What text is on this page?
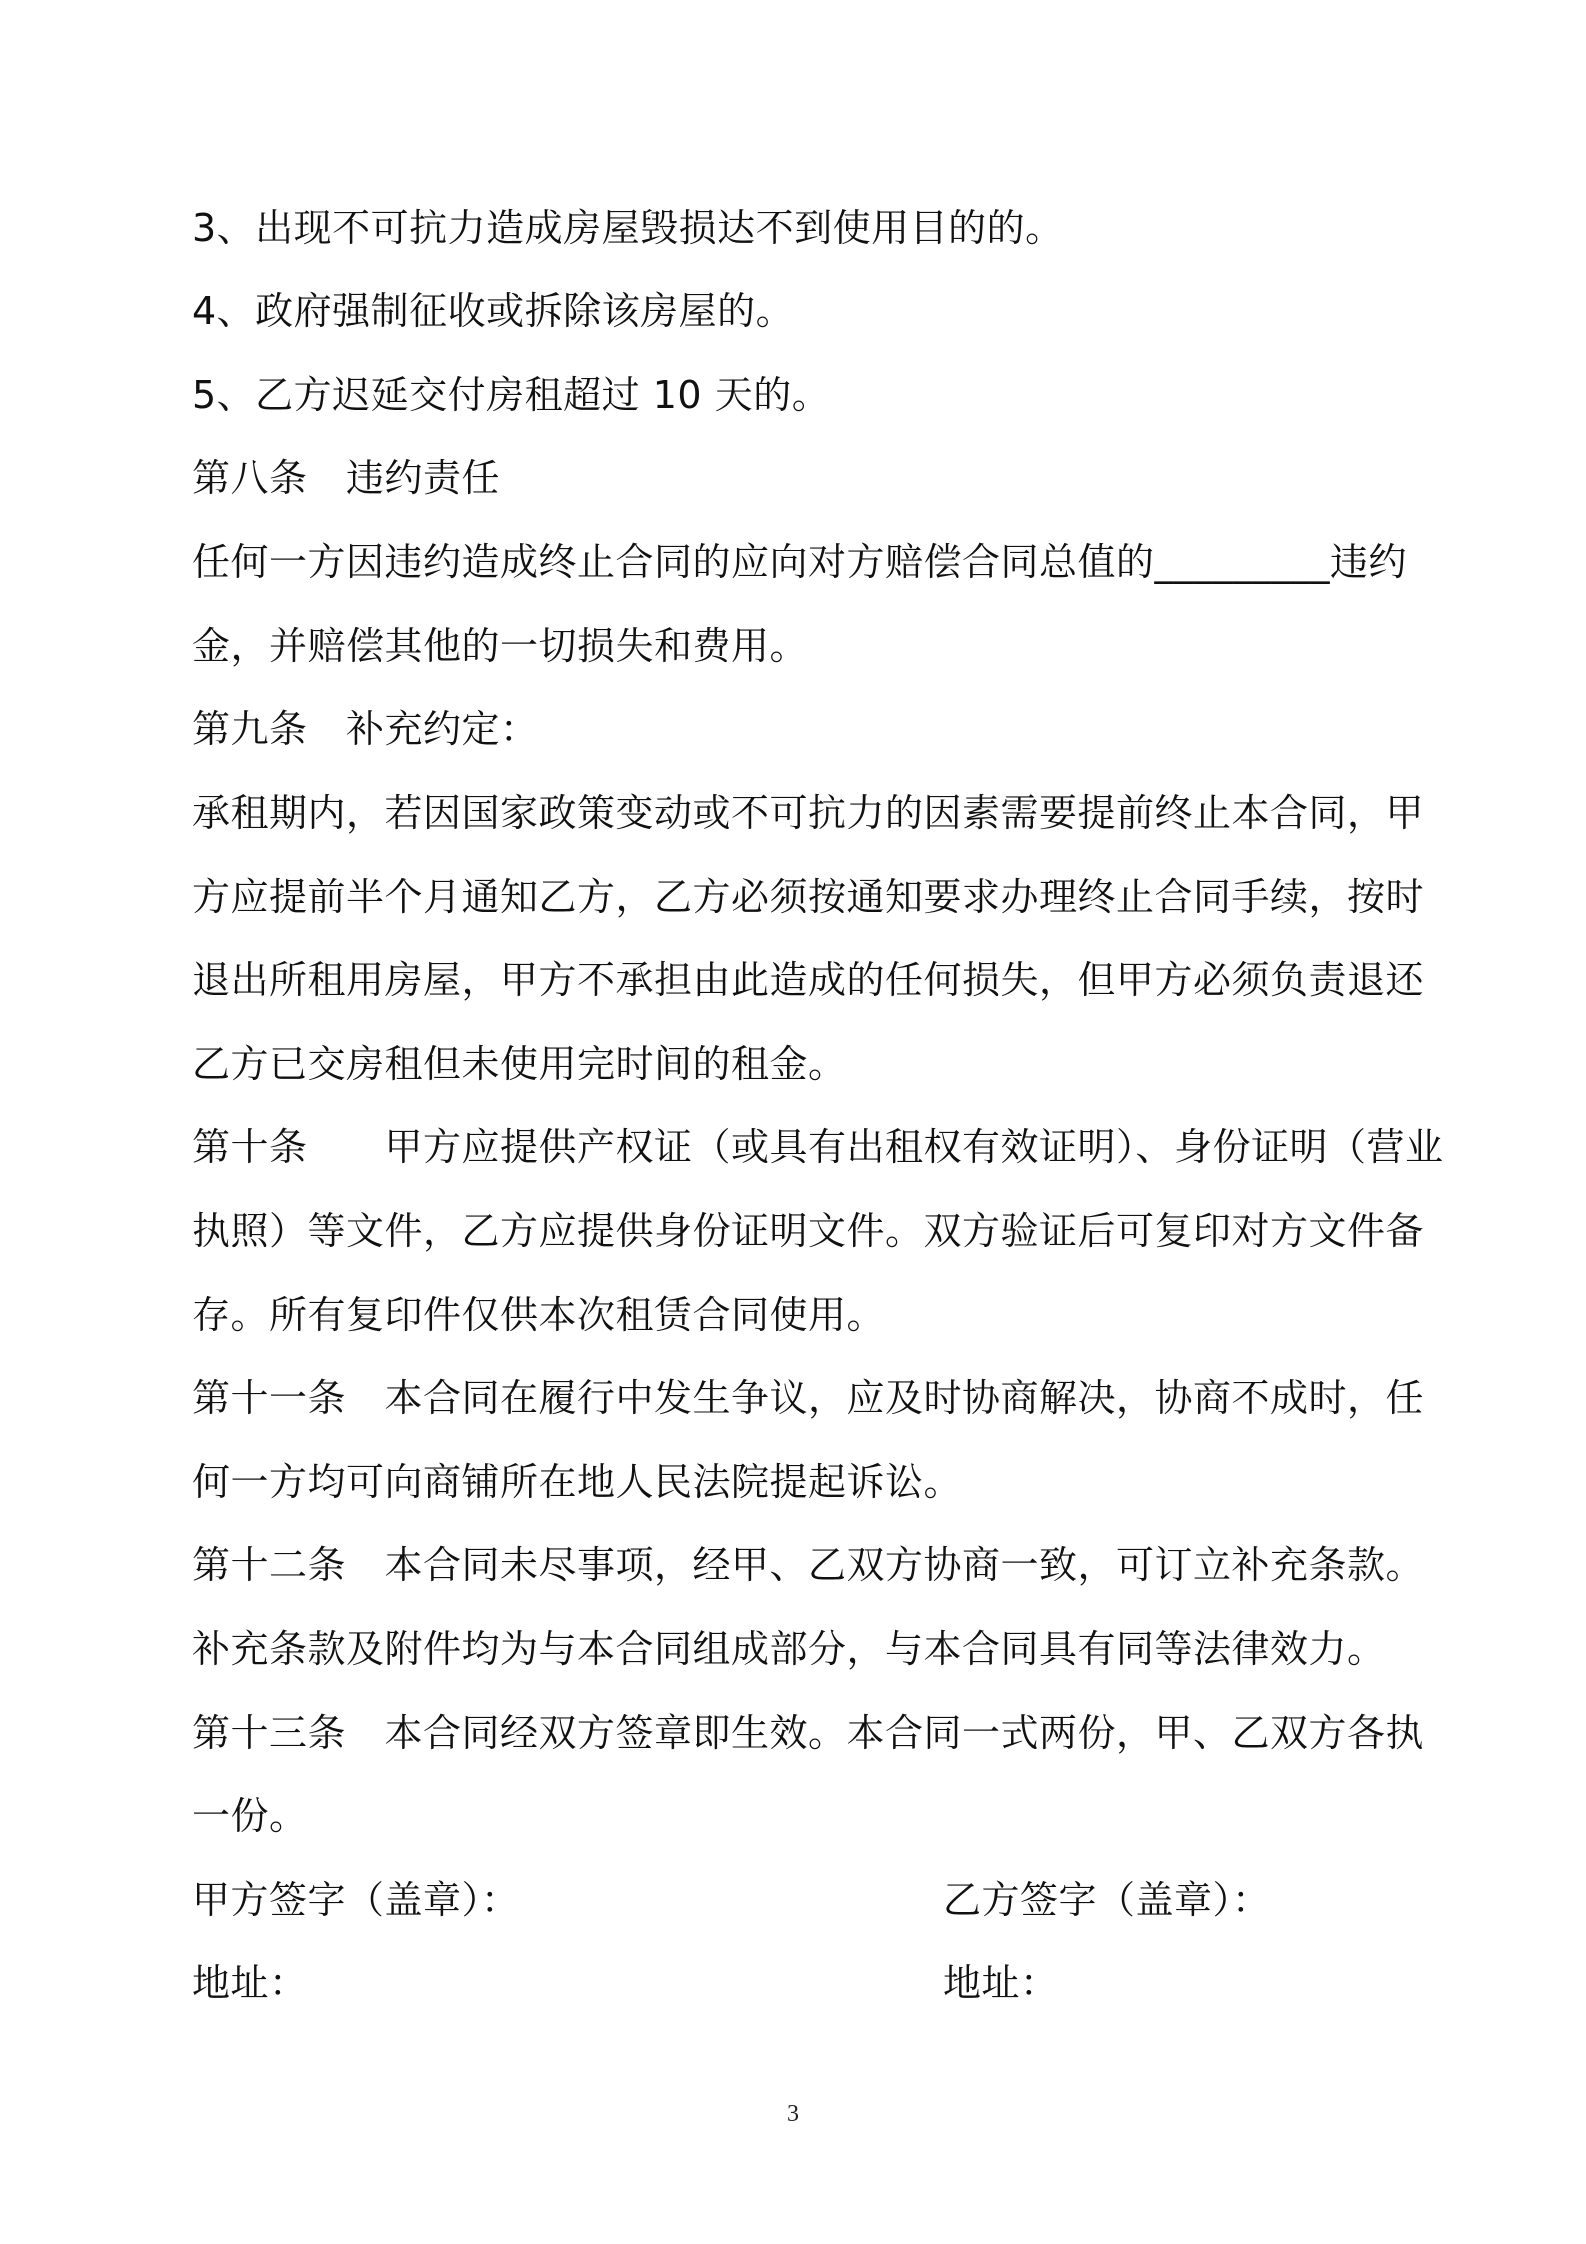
3、出现不可抗力造成房屋毁损达不到使用目的的。
4、政府强制征收或拆除该房屋的。
5、乙方迟延交付房租超过 10 天的。
第八条　违约责任
任何一方因违约造成终止合同的应向对方赔偿合同总值的_________违约
金，并赔偿其他的一切损失和费用。
第九条　补充约定：
承租期内，若因国家政策变动或不可抗力的因素需要提前终止本合同，甲
方应提前半个月通知乙方，乙方必须按通知要求办理终止合同手续，按时
退出所租用房屋，甲方不承担由此造成的任何损失，但甲方必须负责退还
乙方已交房租但未使用完时间的租金。
第十条　　甲方应提供产权证（或具有出租权有效证明）、身份证明（营业
执照）等文件，乙方应提供身份证明文件。双方验证后可复印对方文件备
存。所有复印件仅供本次租赁合同使用。
第十一条　本合同在履行中发生争议，应及时协商解决，协商不成时，任
何一方均可向商铺所在地人民法院提起诉讼。
第十二条　本合同未尽事项，经甲、乙双方协商一致，可订立补充条款。
补充条款及附件均为与本合同组成部分，与本合同具有同等法律效力。
第十三条　本合同经双方签章即生效。本合同一式两份，甲、乙双方各执
一份。
甲方签字（盖章）：	乙方签字（盖章）：
地址：	地址：
3
